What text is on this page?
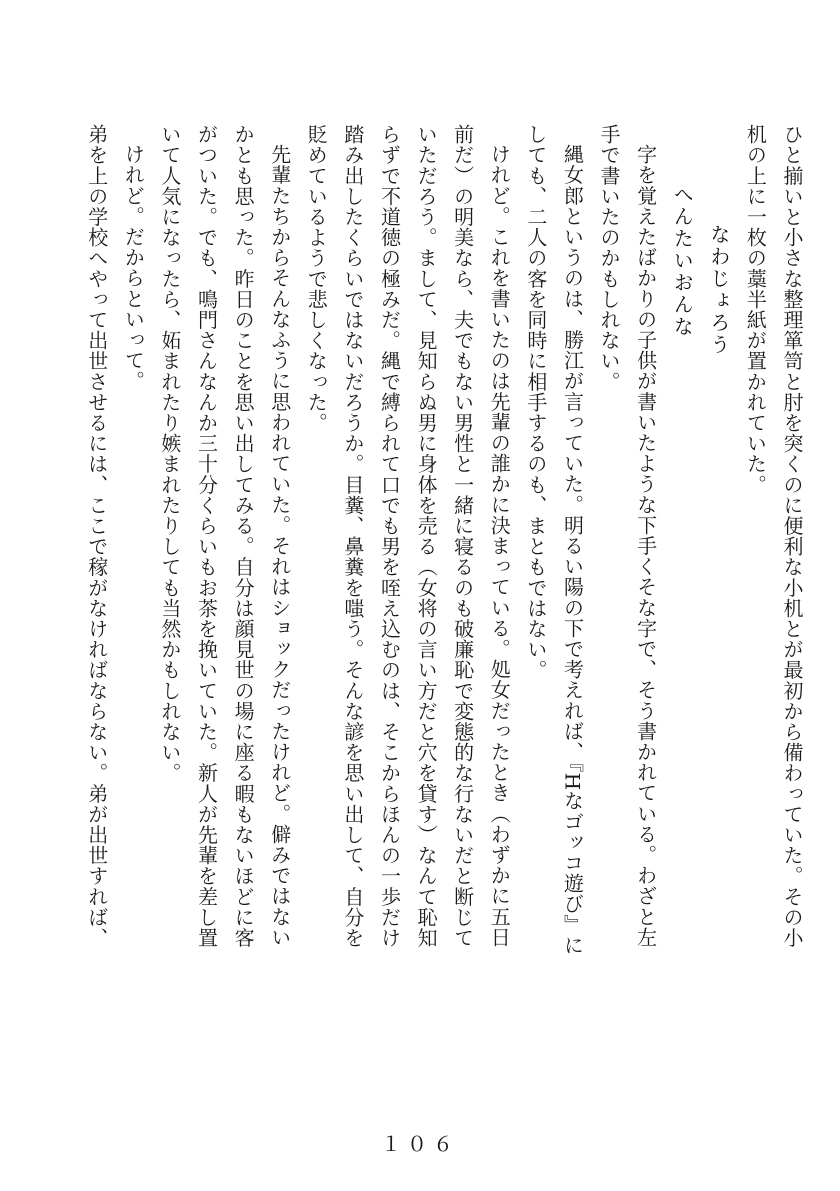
ひと揃いと小さな整理箪笥と肘を突くのに便利な小机とが最初から備わっていた。その小

机の上に一枚の藁半紙が置かれていた。

なわじょろう

へんたいおんな

字を覚えたばかりの子供が書いたような下手くそな字で、そう書かれている。わざと左

手で書いたのかもしれない。

縄女郎というのは、勝江が言っていた。明るい陽の下で考えれば、『Hなゴッコ遊び』に

しても、二人の客を同時に相手するのも、まともではない。

けれど。これを書いたのは先輩の誰かに決まっている。処女だったとき（わずかに五日

前だ）の明美なら、夫でもない男性と一緒に寝るのも破廉恥で変態的な行ないだと断じて

いただろう。まして、見知らぬ男に身体を売る（女将の言い方だと穴を貸す）なんて恥知

らずで不道徳の極みだ。縄で縛られて口でも男を咥え込むのは、そこからほんの一歩だけ

踏み出したくらいではないだろうか。目糞、鼻糞を嗤う。そんな諺を思い出して、自分を

貶めているようで悲しくなった。

先輩たちからそんなふうに思われていた。それはショックだったけれど。僻みではない

かとも思った。昨日のことを思い出してみる。自分は顔見世の場に座る暇もないほどに客

がついた。でも、鳴門さんなんか三十分くらいもお茶を挽いていた。新人が先輩を差し置

いて人気になったら、妬まれたり嫉まれたりしても当然かもしれない。

けれど。だからといって。

弟を上の学校へやって出世させるには、ここで稼がなければならない。弟が出世すれば、

１０６
